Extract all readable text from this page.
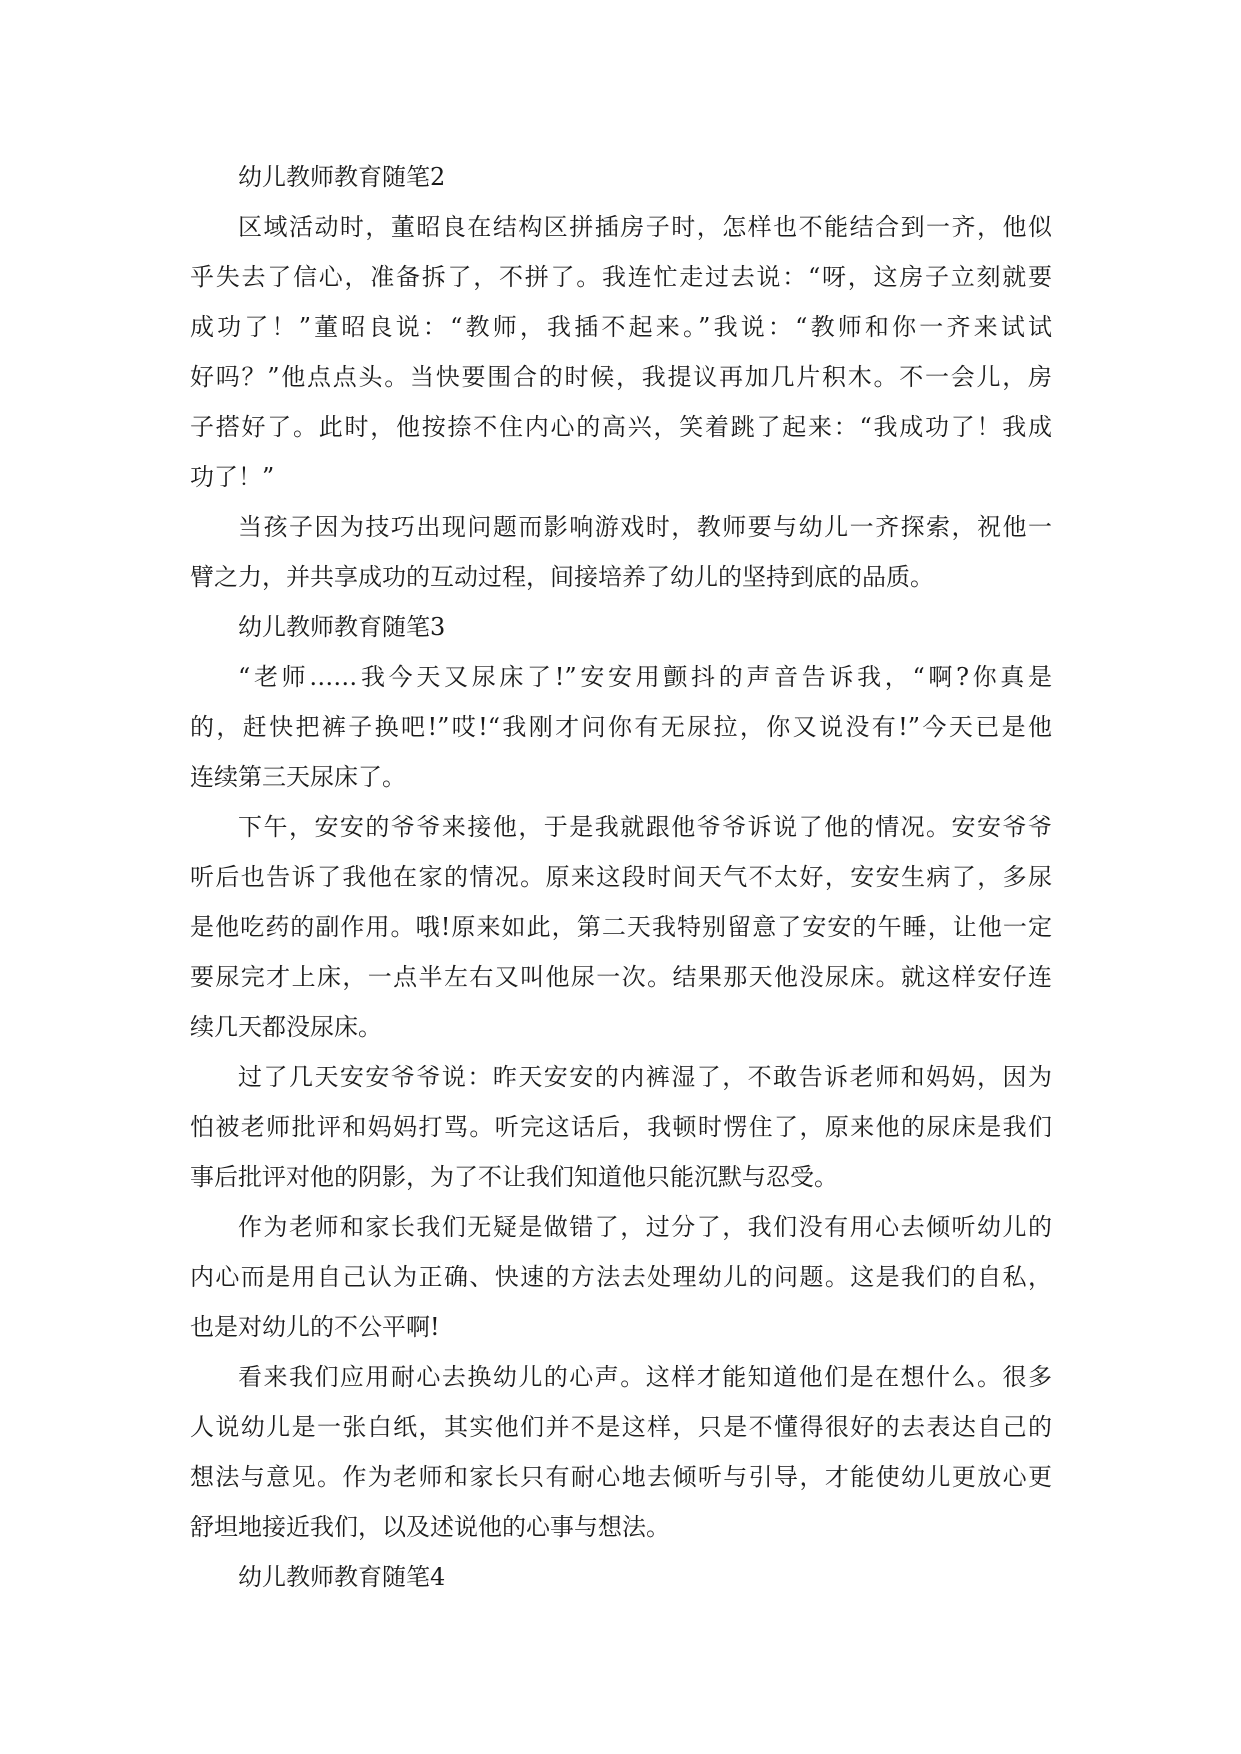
幼儿教师教育随笔2
区域活动时，董昭良在结构区拼插房子时，怎样也不能结合到一齐，他似
乎失去了信心，准备拆了，不拼了。我连忙走过去说：“呀，这房子立刻就要
成功了！”董昭良说：“教师，我插不起来。”我说：“教师和你一齐来试试
好吗？”他点点头。当快要围合的时候，我提议再加几片积木。不一会儿，房
子搭好了。此时，他按捺不住内心的高兴，笑着跳了起来：“我成功了！我成
功了！”
当孩子因为技巧出现问题而影响游戏时，教师要与幼儿一齐探索，祝他一
臂之力，并共享成功的互动过程，间接培养了幼儿的坚持到底的品质。
幼儿教师教育随笔3
“老师……我今天又尿床了!”安安用颤抖的声音告诉我，“啊?你真是
的，赶快把裤子换吧!”哎!“我刚才问你有无尿拉，你又说没有!”今天已是他
连续第三天尿床了。
下午，安安的爷爷来接他，于是我就跟他爷爷诉说了他的情况。安安爷爷
听后也告诉了我他在家的情况。原来这段时间天气不太好，安安生病了，多尿
是他吃药的副作用。哦!原来如此，第二天我特别留意了安安的午睡，让他一定
要尿完才上床，一点半左右又叫他尿一次。结果那天他没尿床。就这样安仔连
续几天都没尿床。
过了几天安安爷爷说：昨天安安的内裤湿了，不敢告诉老师和妈妈，因为
怕被老师批评和妈妈打骂。听完这话后，我顿时愣住了，原来他的尿床是我们
事后批评对他的阴影，为了不让我们知道他只能沉默与忍受。
作为老师和家长我们无疑是做错了，过分了，我们没有用心去倾听幼儿的
内心而是用自己认为正确、快速的方法去处理幼儿的问题。这是我们的自私，
也是对幼儿的不公平啊!
看来我们应用耐心去换幼儿的心声。这样才能知道他们是在想什么。很多
人说幼儿是一张白纸，其实他们并不是这样，只是不懂得很好的去表达自己的
想法与意见。作为老师和家长只有耐心地去倾听与引导，才能使幼儿更放心更
舒坦地接近我们，以及述说他的心事与想法。
幼儿教师教育随笔4
